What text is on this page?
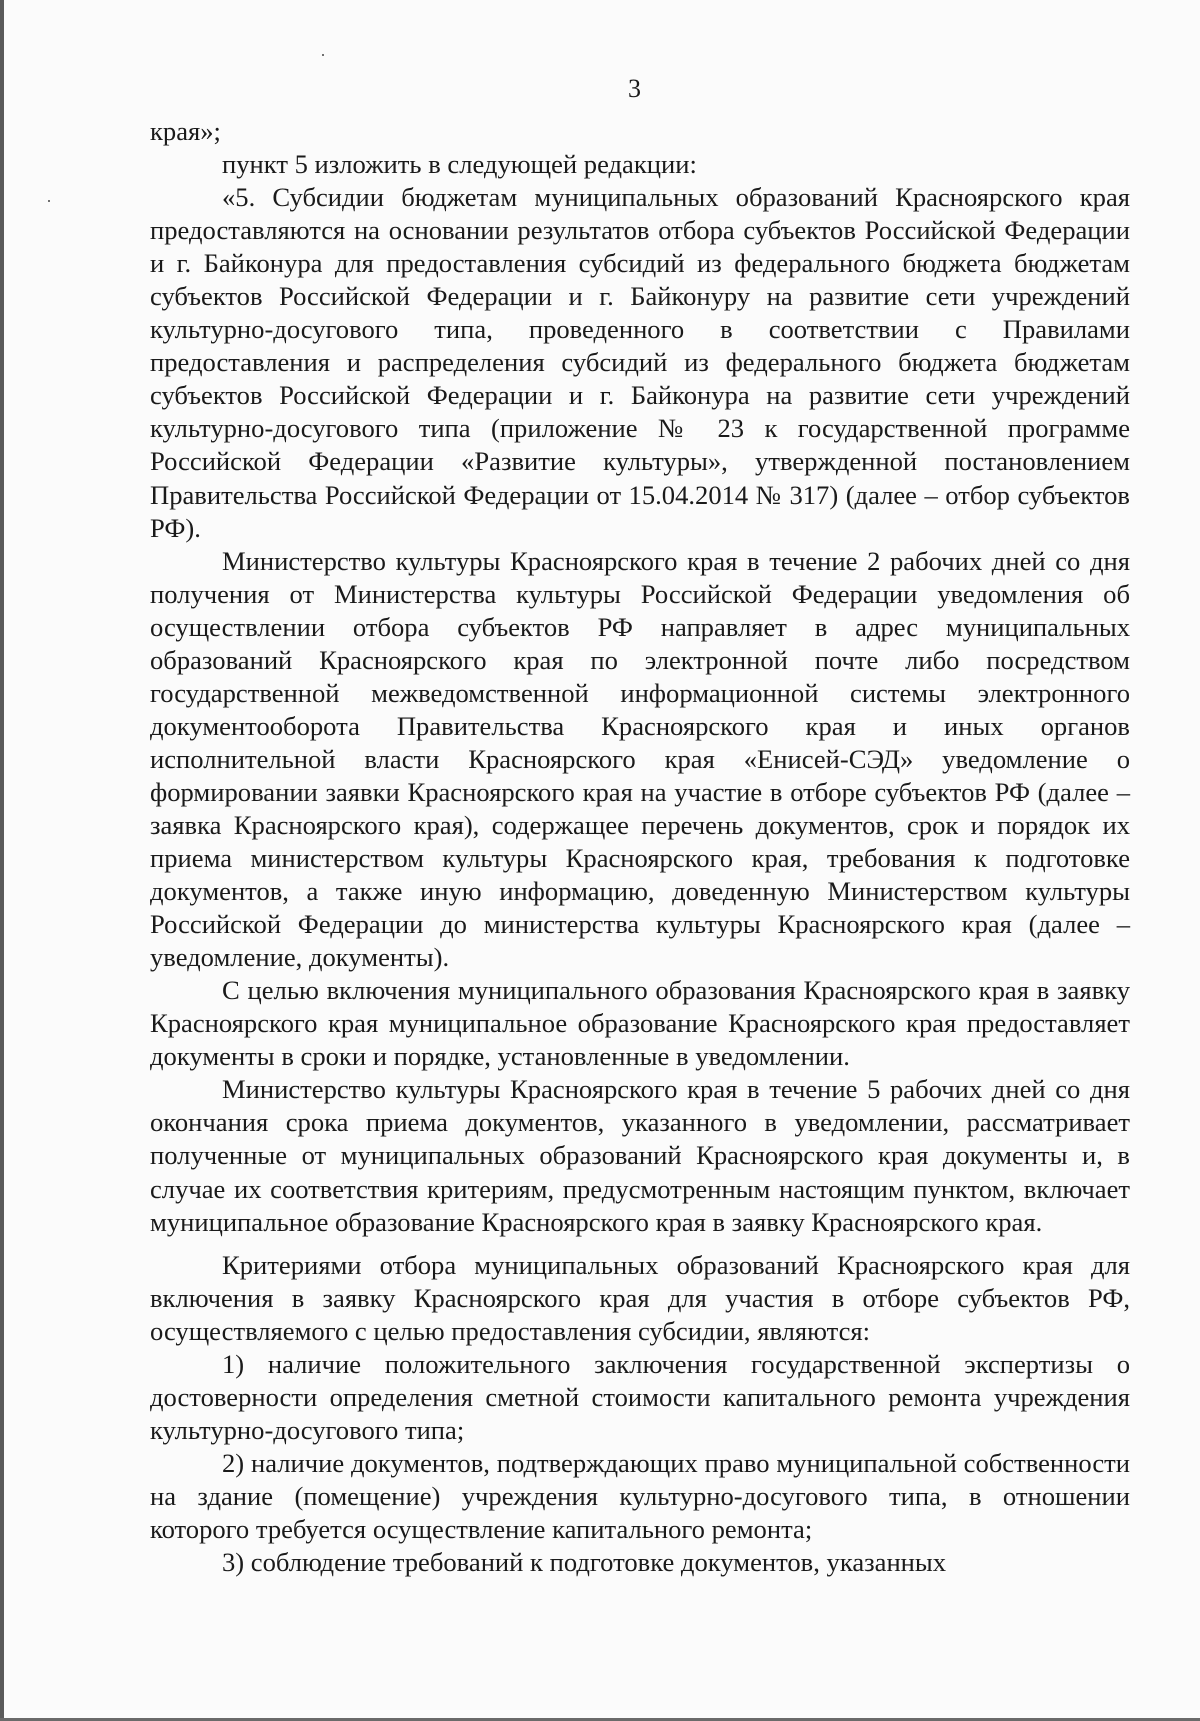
3

края»;

пункт 5 изложить в следующей редакции:

«5. Субсидии бюджетам муниципальных образований Красноярского края предоставляются на основании результатов отбора субъектов Российской Федерации и г. Байконура для предоставления субсидий из федерального бюджета бюджетам субъектов Российской Федерации и г. Байконуру на развитие сети учреждений культурно-досугового типа, проведенного в соответствии с Правилами предоставления и распределения субсидий из федерального бюджета бюджетам субъектов Российской Федерации и г. Байконура на развитие сети учреждений культурно-досугового типа (приложение № 23 к государственной программе Российской Федерации «Развитие культуры», утвержденной постановлением Правительства Российской Федерации от 15.04.2014 № 317) (далее – отбор субъектов РФ).

Министерство культуры Красноярского края в течение 2 рабочих дней со дня получения от Министерства культуры Российской Федерации уведомления об осуществлении отбора субъектов РФ направляет в адрес муниципальных образований Красноярского края по электронной почте либо посредством государственной межведомственной информационной системы электронного документооборота Правительства Красноярского края и иных органов исполнительной власти Красноярского края «Енисей-СЭД» уведомление о формировании заявки Красноярского края на участие в отборе субъектов РФ (далее – заявка Красноярского края), содержащее перечень документов, срок и порядок их приема министерством культуры Красноярского края, требования к подготовке документов, а также иную информацию, доведенную Министерством культуры Российской Федерации до министерства культуры Красноярского края (далее – уведомление, документы).

С целью включения муниципального образования Красноярского края в заявку Красноярского края муниципальное образование Красноярского края предоставляет документы в сроки и порядке, установленные в уведомлении.

Министерство культуры Красноярского края в течение 5 рабочих дней со дня окончания срока приема документов, указанного в уведомлении, рассматривает полученные от муниципальных образований Красноярского края документы и, в случае их соответствия критериям, предусмотренным настоящим пунктом, включает муниципальное образование Красноярского края в заявку Красноярского края.

Критериями отбора муниципальных образований Красноярского края для включения в заявку Красноярского края для участия в отборе субъектов РФ, осуществляемого с целью предоставления субсидии, являются:

1) наличие положительного заключения государственной экспертизы о достоверности определения сметной стоимости капитального ремонта учреждения культурно-досугового типа;

2) наличие документов, подтверждающих право муниципальной собственности на здание (помещение) учреждения культурно-досугового типа, в отношении которого требуется осуществление капитального ремонта;

3) соблюдение требований к подготовке документов, указанных
